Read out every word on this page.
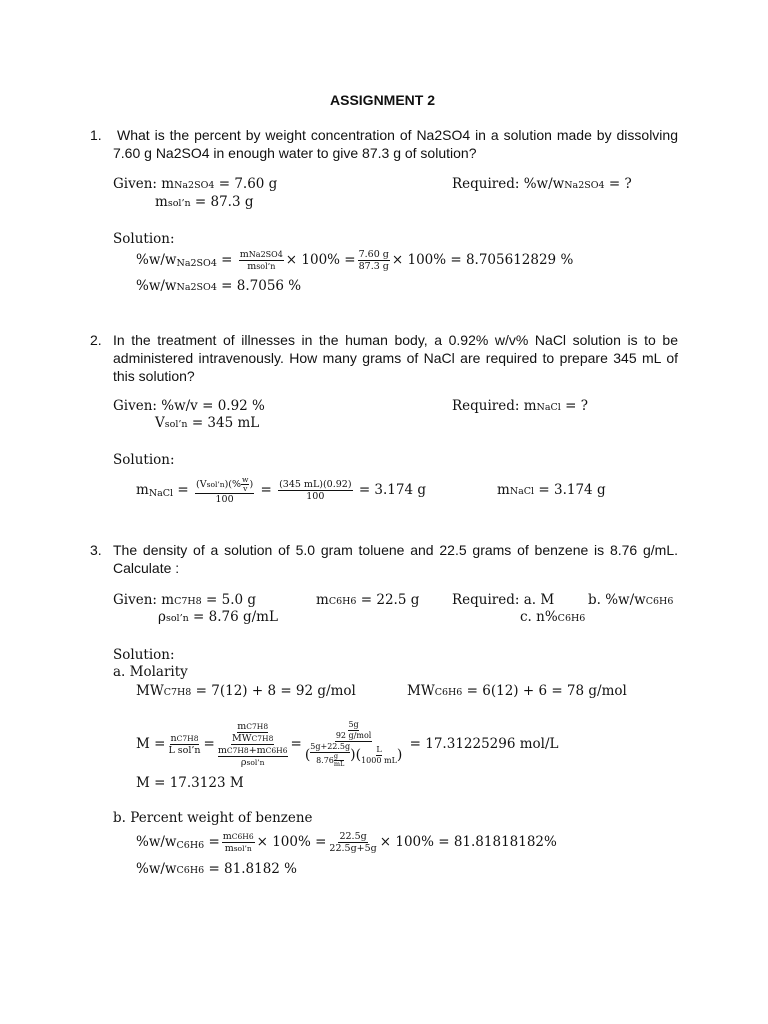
ASSIGNMENT 2
1. What is the percent by weight concentration of Na2SO4 in a solution made by dissolving 7.60 g Na2SO4 in enough water to give 87.3 g of solution?
Given: mNa2SO4 = 7.60 g
msol’n = 87.3 g
Required: %w/wNa2SO4 = ?
Solution:
%w/w $Na2SO4 = \frac{\text{mNa2SO4}}{\text{msol’n}} \times 100\% = \frac{7.60 g}{87.3 g} \times 100\% = 8.705612829$ %
%w/wNa2SO4 = 8.7056 %
2. In the treatment of illnesses in the human body, a 0.92% w/v% NaCl solution is to be administered intravenously. How many grams of NaCl are required to prepare 345 mL of this solution?
Given: %w/v = 0.92 %
Vsol’n = 345 mL
Required: mNaCl = ?
Solution:
m NaCl = $\frac{(V sol’n )(\% \frac{w}{v} )}{100} = \frac{(345 mL)(0.92)}{100}$
= 3.174 g	mNaCl = 3.174 g
3. The density of a solution of 5.0 gram toluene and 22.5 grams of benzene is 8.76 g/mL. Calculate :
Given: mC7H8 = 5.0 g	mC6H6 = 22.5 g Required: a. M	b. %w/wC6H6
ρsol’n = 8.76 g/mL	c. n%C6H6
Solution:
a. Molarity
MWC7H8 = 7(12) + 8 = 92 g/mol	MWC6H6 = 6(12) + 6 = 78 g/mol
$M = \frac{nC7H8}{\text{L sol’n}} = mC7H8$
MWC7H8
mC7H8+mC6H6
ρsol’n =
5g
92 g/mol
(
5g+22.5g
8.76 g
mL
)( L
1000 mL )

= 17.31225296 mol/L
M = 17.3123 M
b. Percent weight of benzene
%w/w $C6H6 = \frac{mC6H6}{\text{msol’n}} \times 100\% = \frac{22.5g}{22.5g+5g} \times 100\% = 81.81818182\%$
%w/wC6H6 = 81.8182 %
